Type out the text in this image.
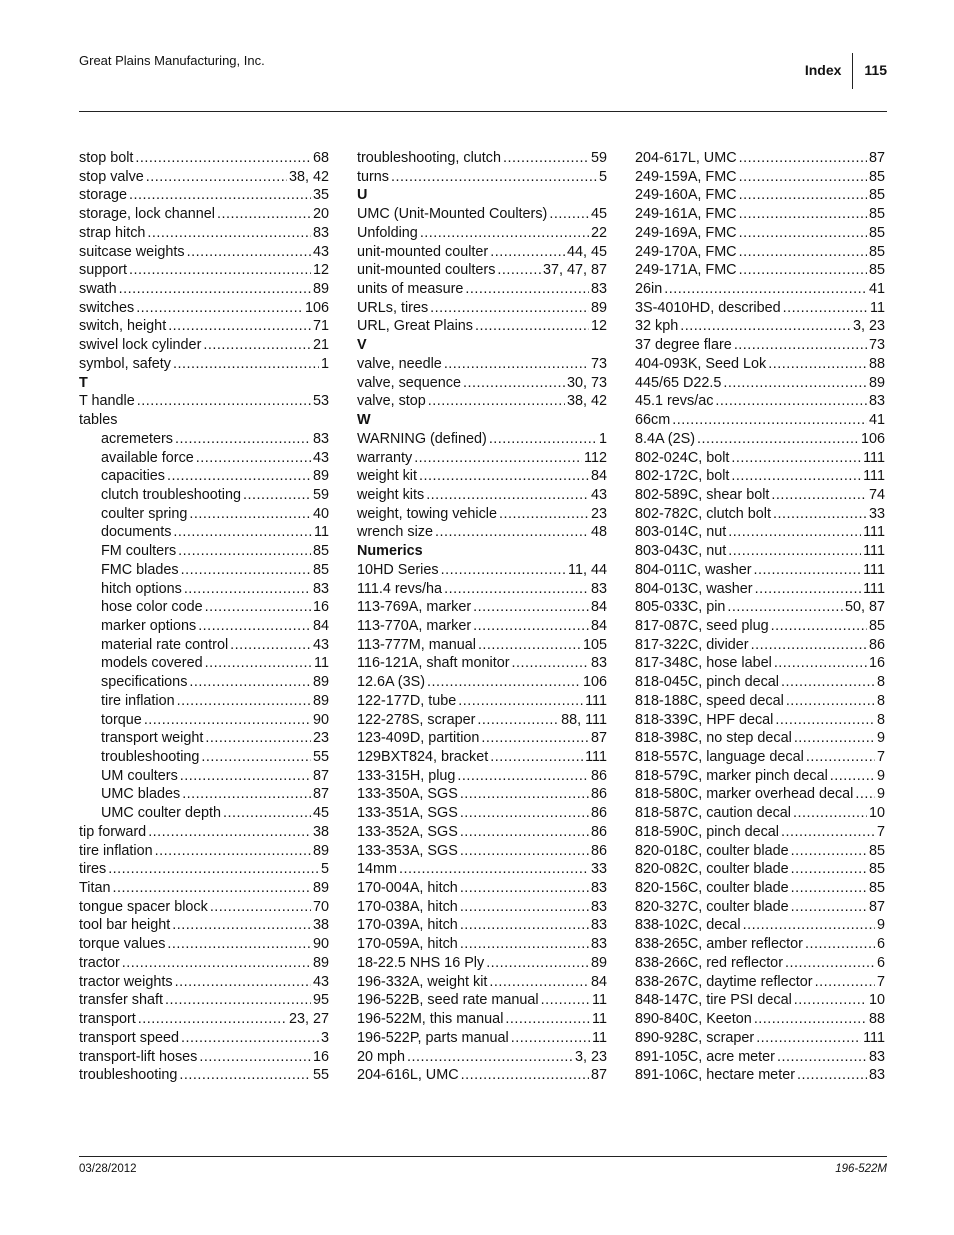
Great Plains Manufacturing, Inc.
Index	115
stop bolt .....	68
stop valve .....	38, 42
storage .....	35
storage, lock channel .....	20
strap hitch .....	83
suitcase weights .....	43
support .....	12
swath .....	89
switches .....	106
switch, height .....	71
swivel lock cylinder .....	21
symbol, safety .....	1
T
T handle .....	53
tables
acremeters .....	83
available force .....	43
capacities .....	89
clutch troubleshooting .....	59
coulter spring .....	40
documents .....	11
FM coulters .....	85
FMC blades .....	85
hitch options .....	83
hose color code .....	16
marker options .....	84
material rate control .....	43
models covered .....	11
specifications .....	89
tire inflation .....	89
torque .....	90
transport weight .....	23
troubleshooting .....	55
UM coulters .....	87
UMC blades .....	87
UMC coulter depth .....	45
tip forward .....	38
tire inflation .....	89
tires .....	5
Titan .....	89
tongue spacer block .....	70
tool bar height .....	38
torque values .....	90
tractor .....	89
tractor weights .....	43
transfer shaft .....	95
transport .....	23, 27
transport speed .....	3
transport-lift hoses .....	16
troubleshooting .....	55
troubleshooting, clutch .....	59
turns .....	5
U
UMC (Unit-Mounted Coulters) .....	45
Unfolding .....	22
unit-mounted coulter .....	44, 45
unit-mounted coulters .....	37, 47, 87
units of measure .....	83
URLs, tires .....	89
URL, Great Plains .....	12
V
valve, needle .....	73
valve, sequence .....	30, 73
valve, stop .....	38, 42
W
WARNING (defined) .....	1
warranty .....	112
weight kit .....	84
weight kits .....	43
weight, towing vehicle .....	23
wrench size .....	48
Numerics
10HD Series .....	11, 44
111.4 revs/ha .....	83
113-769A, marker .....	84
113-770A, marker .....	84
113-777M, manual .....	105
116-121A, shaft monitor .....	83
12.6A (3S) .....	106
122-177D, tube .....	111
122-278S, scraper .....	88, 111
123-409D, partition .....	87
129BXT824, bracket .....	111
133-315H, plug .....	86
133-350A, SGS .....	86
133-351A, SGS .....	86
133-352A, SGS .....	86
133-353A, SGS .....	86
14mm .....	33
170-004A, hitch .....	83
170-038A, hitch .....	83
170-039A, hitch .....	83
170-059A, hitch .....	83
18-22.5 NHS 16 Ply .....	89
196-332A, weight kit .....	84
196-522B, seed rate manual .....	11
196-522M, this manual .....	11
196-522P, parts manual .....	11
20 mph .....	3, 23
204-616L, UMC .....	87
204-617L, UMC .....	87
249-159A, FMC .....	85
249-160A, FMC .....	85
249-161A, FMC .....	85
249-169A, FMC .....	85
249-170A, FMC .....	85
249-171A, FMC .....	85
26in .....	41
3S-4010HD, described .....	11
32 kph .....	3, 23
37 degree flare .....	73
404-093K, Seed Lok .....	88
445/65 D22.5 .....	89
45.1 revs/ac .....	83
66cm .....	41
8.4A (2S) .....	106
802-024C, bolt .....	111
802-172C, bolt .....	111
802-589C, shear bolt .....	74
802-782C, clutch bolt .....	33
803-014C, nut .....	111
803-043C, nut .....	111
804-011C, washer .....	111
804-013C, washer .....	111
805-033C, pin .....	50, 87
817-087C, seed plug .....	85
817-322C, divider .....	86
817-348C, hose label .....	16
818-045C, pinch decal .....	8
818-188C, speed decal .....	8
818-339C, HPF decal .....	8
818-398C, no step decal .....	9
818-557C, language decal .....	7
818-579C, marker pinch decal .....	9
818-580C, marker overhead decal ..... 9
818-587C, caution decal .....	10
818-590C, pinch decal .....	7
820-018C, coulter blade .....	85
820-082C, coulter blade .....	85
820-156C, coulter blade .....	85
820-327C, coulter blade .....	87
838-102C, decal .....	9
838-265C, amber reflector .....	6
838-266C, red reflector .....	6
838-267C, daytime reflector .....	7
848-147C, tire PSI decal .....	10
890-840C, Keeton .....	88
890-928C, scraper .....	111
891-105C, acre meter .....	83
891-106C, hectare meter .....	83
03/28/2012	196-522M
